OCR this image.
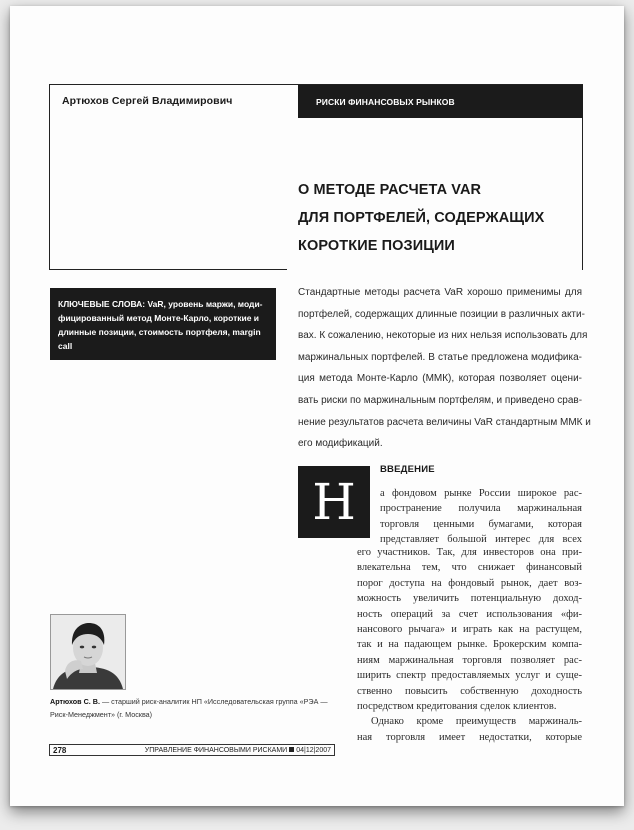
Артюхов Сергей Владимирович	РИСКИ ФИНАНСОВЫХ РЫНКОВ
О МЕТОДЕ РАСЧЕТА VAR
ДЛЯ ПОРТФЕЛЕЙ, СОДЕРЖАЩИХ
КОРОТКИЕ ПОЗИЦИИ
КЛЮЧЕВЫЕ СЛОВА: VaR, уровень маржи, моди-
фицированный метод Монте-Карло, короткие и
длинные позиции, стоимость портфеля, margin
call
Стандартные методы расчета VaR хорошо применимы для
портфелей, содержащих длинные позиции в различных акти-
вах. К сожалению, некоторые из них нельзя использовать для
маржинальных портфелей. В статье предложена модифика-
ция метода Монте-Карло (ММК), которая позволяет оцени-
вать риски по маржинальным портфелям, и приведено срав-
нение результатов расчета величины VaR стандартным ММК и
его модификаций.
Н
ВВЕДЕНИЕ
а фондовом рынке России широкое рас-
пространение получила маржинальная
торговля ценными бумагами, которая
представляет большой интерес для всех
его участников. Так, для инвесторов она при-
влекательна тем, что снижает финансовый
порог доступа на фондовый рынок, дает воз-
можность увеличить потенциальную доход-
ность операций за счет использования «фи-
нансового рычага» и играть как на растущем,
так и на падающем рынке. Брокерским компа-
ниям маржинальная торговля позволяет рас-
ширить спектр предоставляемых услуг и суще-
ственно повысить собственную доходность
посредством кредитования сделок клиентов.
Однако кроме преимуществ маржиналь-
ная торговля имеет недостатки, которые
Артюхов С. В. — старший риск-аналитик НП «Исследовательская группа «РЭА —
Риск-Менеджмент» (г. Москва)
278	УПРАВЛЕНИЕ ФИНАНСОВЫМИ РИСКАМИ 04|12|2007
